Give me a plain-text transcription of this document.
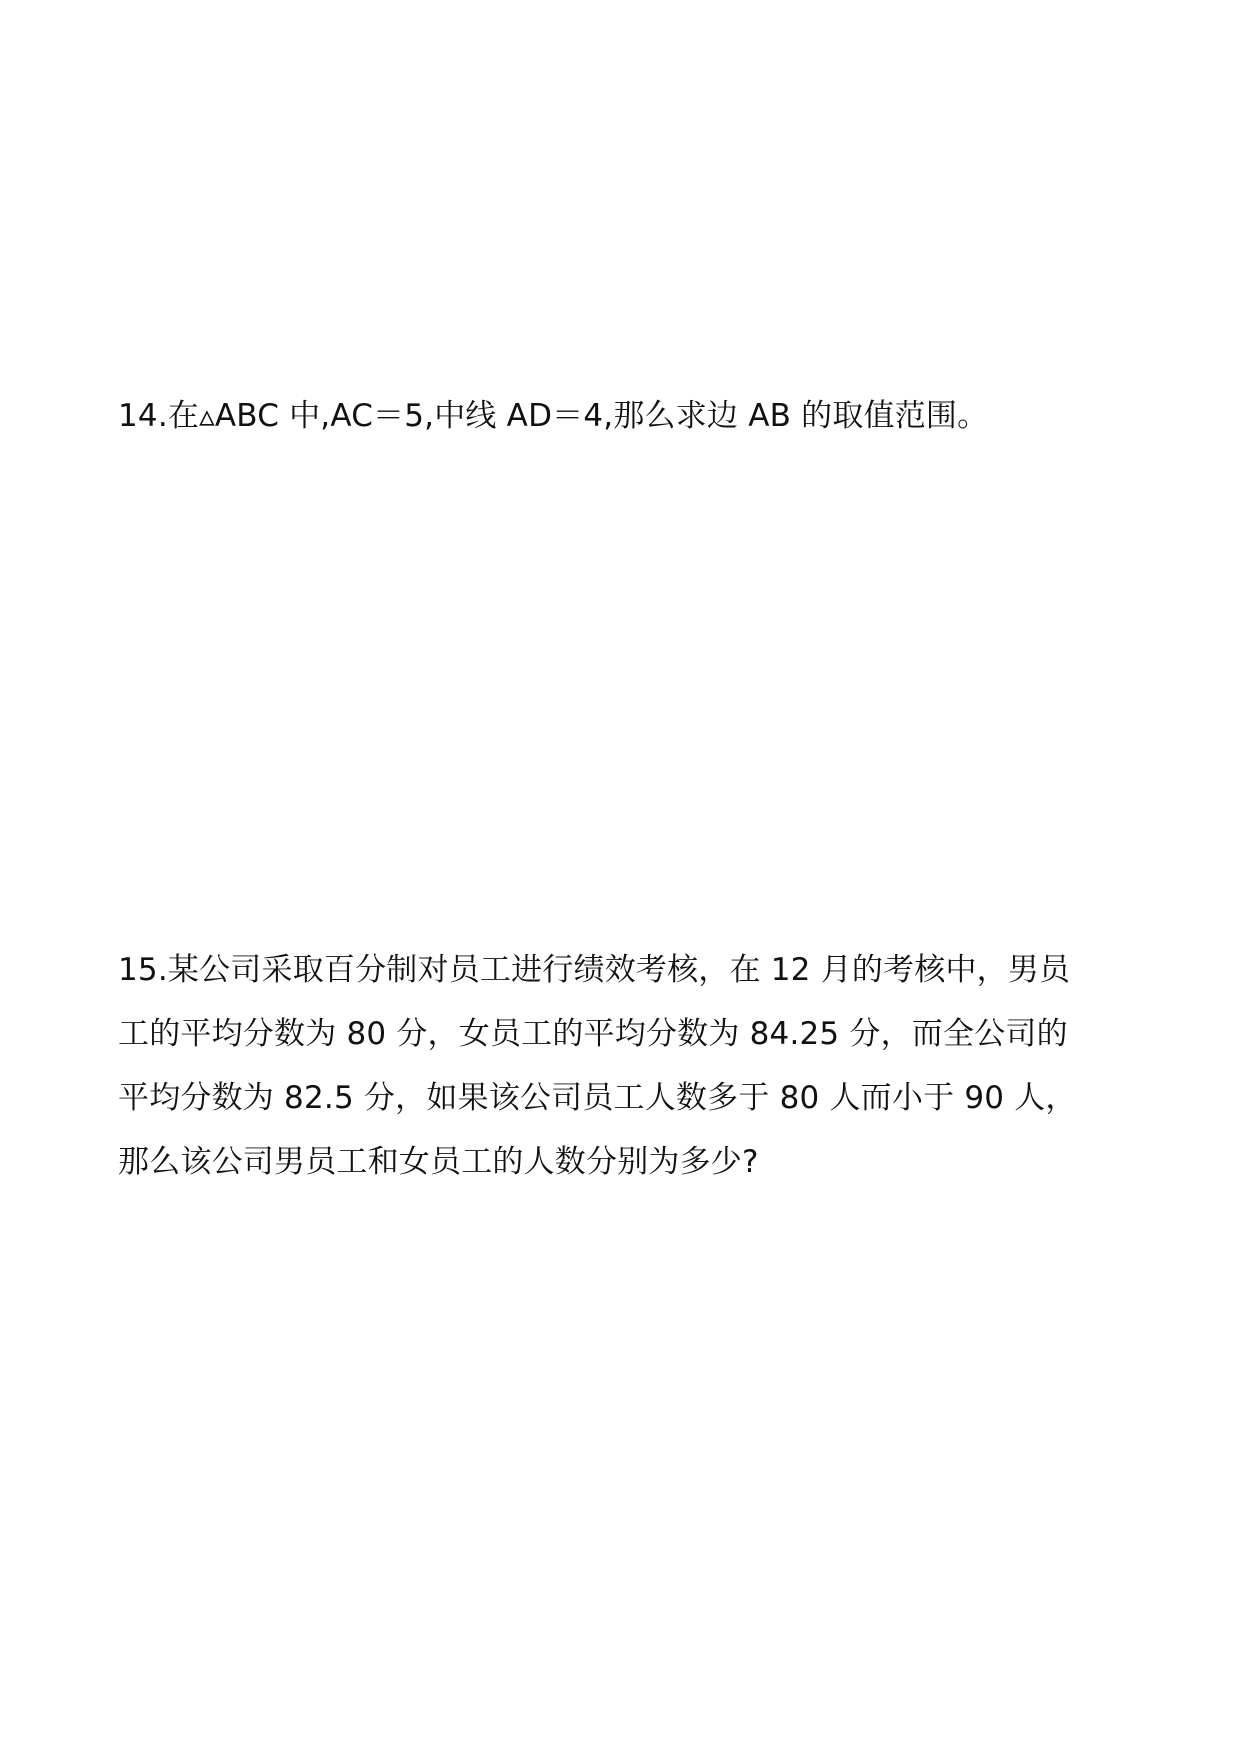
14.在▵ABC 中,AC＝5,中线 AD＝4,那么求边 AB 的取值范围。

15.某公司采取百分制对员工进行绩效考核，在 12 月的考核中，男员
工的平均分数为 80 分，女员工的平均分数为 84.25 分，而全公司的
平均分数为 82.5 分，如果该公司员工人数多于 80 人而小于 90 人，
那么该公司男员工和女员工的人数分别为多少?
